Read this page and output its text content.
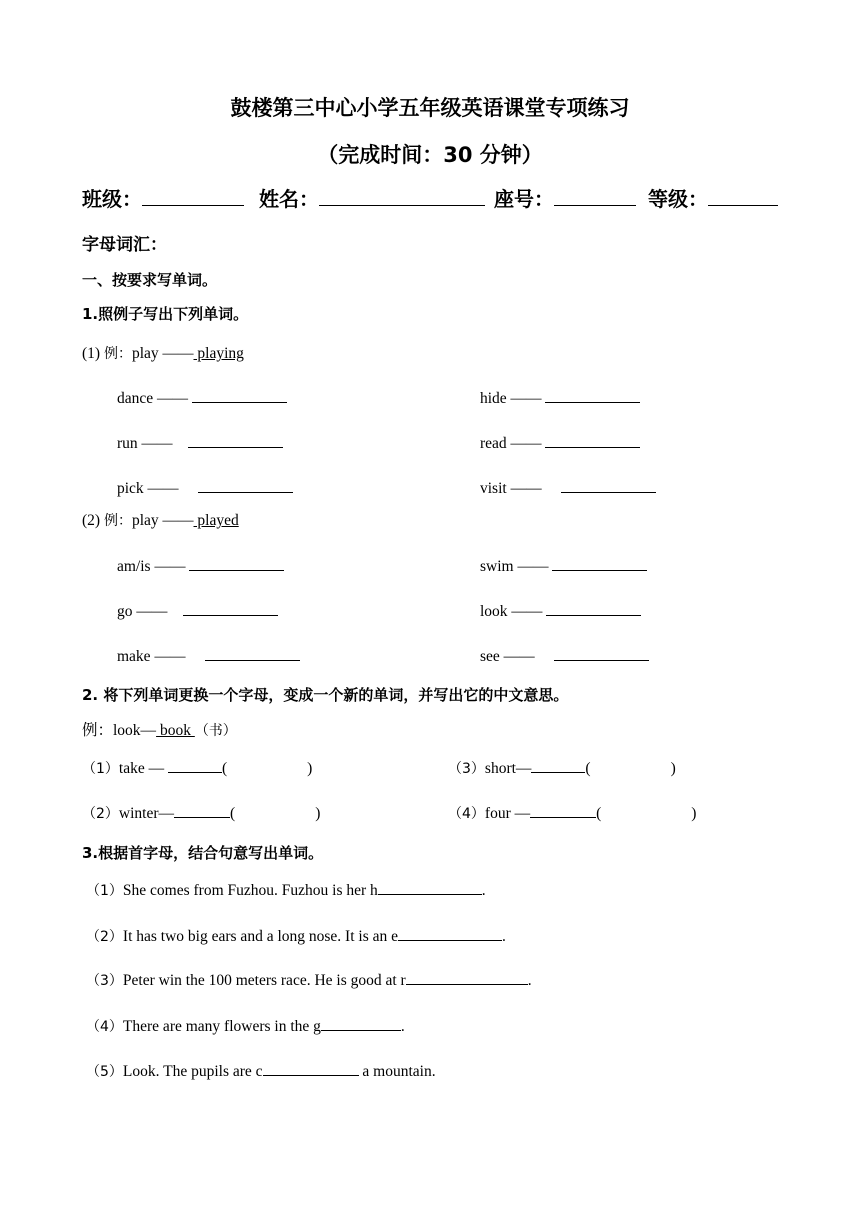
鼓楼第三中心小学五年级英语课堂专项练习
（完成时间：30 分钟）
班级：	姓名：	座号：	等级：
字母词汇：
一、按要求写单词。
1.照例子写出下列单词。
(1) 例：play —— playing
dance ——	hide ——
run ——	read ——
pick ——	visit ——
(2) 例：play —— played
am/is ——	swim ——
go ——	look ——
make ——	see ——
2. 将下列单词更换一个字母，变成一个新的单词，并写出它的中文意思。
例：look— book （书）
（1）take —	(	)	（3）short—	(	)
（2）winter—	(	)	（4）four —	(	)
3.根据首字母，结合句意写出单词。
（1）She comes from Fuzhou. Fuzhou is her h	.
（2）It has two big ears and a long nose. It is an e	.
（3）Peter win the 100 meters race. He is good at r	.
（4）There are many flowers in the g	.
（5）Look. The pupils are c	a mountain.
